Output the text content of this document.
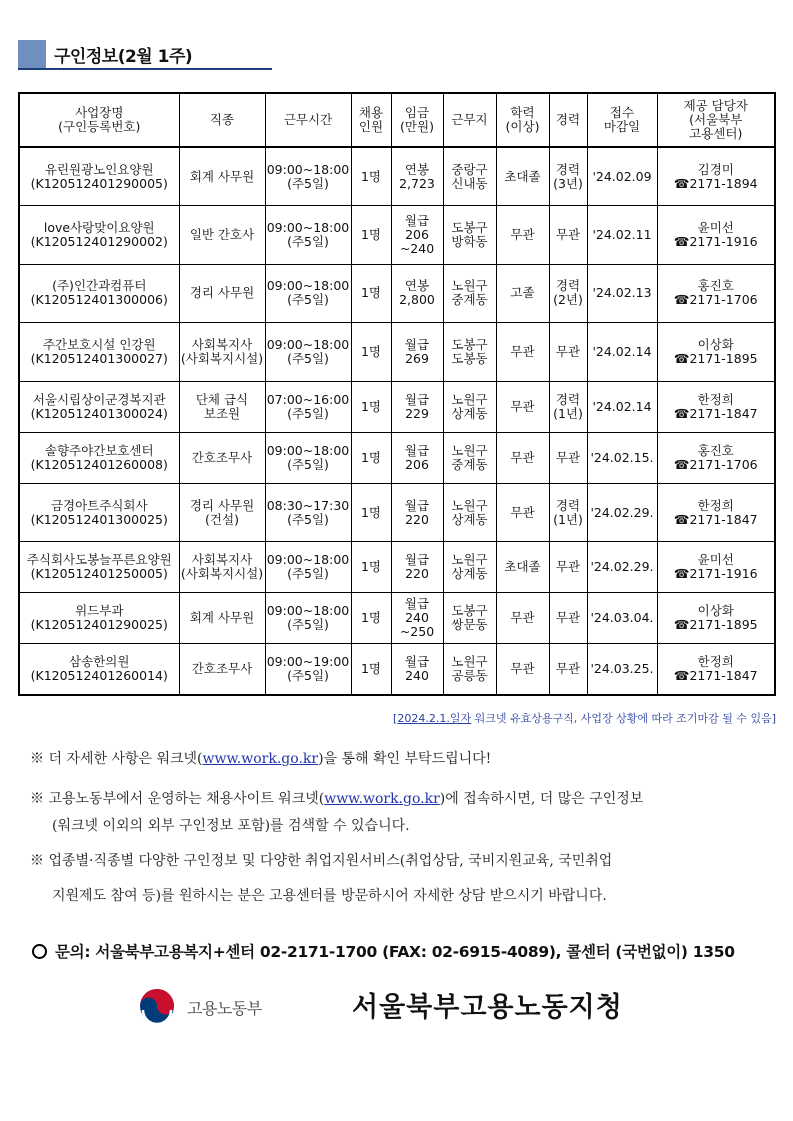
구인정보(2월 1주)
사업장명
(구인등록번호)	직종	근무시간	채용
인원	임금
(만원)	근무지	학력
(이상)	경력	접수
마감일	제공 담당자
(서울북부
고용센터)

유린원광노인요양원
(K120512401290005)	회계 사무원	09:00~18:00
(주5일)	1명	연봉
2,723	중랑구
신내동	초대졸	경력
(3년)	'24.02.09	김경미
☎2171-1894

love사랑맞이요양원
(K120512401290002)	일반 간호사	09:00~18:00
(주5일)	1명	월급
206
~240	도봉구
방학동	무관	무관	'24.02.11	윤미선
☎2171-1916

(주)인간과컴퓨터
(K120512401300006)	경리 사무원	09:00~18:00
(주5일)	1명	연봉
2,800	노원구
중계동	고졸	경력
(2년)	'24.02.13	홍진호
☎2171-1706

주간보호시설 인강원
(K120512401300027)	사회복지사
(사회복지시설)	09:00~18:00
(주5일)	1명	월급
269	도봉구
도봉동	무관	무관	'24.02.14	이상화
☎2171-1895

서울시립상이군경복지관
(K120512401300024)	단체 급식
보조원	07:00~16:00
(주5일)	1명	월급
229	노원구
상계동	무관	경력
(1년)	'24.02.14	한정희
☎2171-1847

솔향주야간보호센터
(K120512401260008)	간호조무사	09:00~18:00
(주5일)	1명	월급
206	노원구
중계동	무관	무관	'24.02.15.	홍진호
☎2171-1706

금경아트주식회사
(K120512401300025)	경리 사무원
(건설)	08:30~17:30
(주5일)	1명	월급
220	노원구
상계동	무관	경력
(1년)	'24.02.29.	한정희
☎2171-1847

주식회사도봉늘푸른요양원
(K120512401250005)	사회복지사
(사회복지시설)	09:00~18:00
(주5일)	1명	월급
220	노원구
상계동	초대졸	무관	'24.02.29.	윤미선
☎2171-1916

위드부과
(K120512401290025)	회계 사무원	09:00~18:00
(주5일)	1명	월급
240
~250	도봉구
쌍문동	무관	무관	'24.03.04.	이상화
☎2171-1895

삼송한의원
(K120512401260014)	간호조무사	09:00~19:00
(주5일)	1명	월급
240	노원구
공릉동	무관	무관	'24.03.25.	한정희
☎2171-1847
[2024.2.1.일자 워크넷 유효상용구직, 사업장 상황에 따라 조기마감 될 수 있음]
※ 더 자세한 사항은 워크넷(www.work.go.kr)을 통해 확인 부탁드립니다!
※ 고용노동부에서 운영하는 채용사이트 워크넷(www.work.go.kr)에 접속하시면, 더 많은 구인정보
(워크넷 이외의 외부 구인정보 포함)를 검색할 수 있습니다.
※ 업종별·직종별 다양한 구인정보 및 다양한 취업지원서비스(취업상담, 국비지원교육, 국민취업
지원제도 참여 등)를 원하시는 분은 고용센터를 방문하시어 자세한 상담 받으시기 바랍니다.
문의: 서울북부고용복지+센터 02-2171-1700 (FAX: 02-6915-4089), 콜센터 (국번없이) 1350
고용노동부	서울북부고용노동지청
